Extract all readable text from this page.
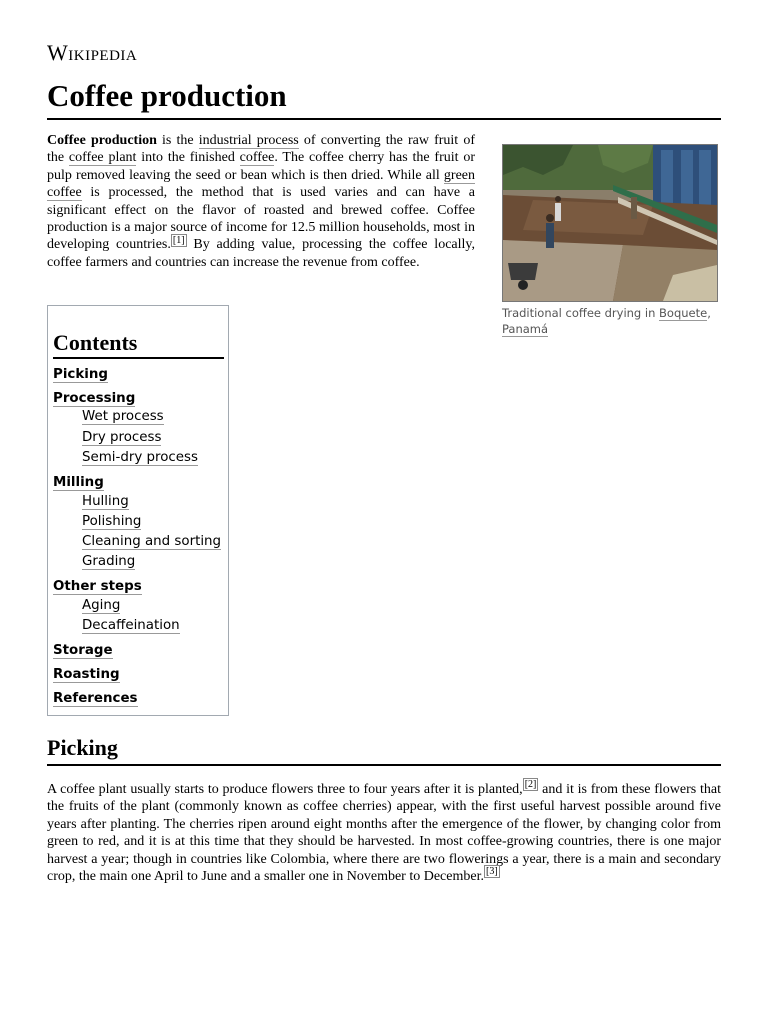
Wikipedia
Coffee production

Coffee production is the industrial process of converting the raw fruit of the coffee plant into the finished coffee. The coffee cherry has the fruit or pulp removed leaving the seed or bean which is then dried. While all green coffee is processed, the method that is used varies and can have a significant effect on the flavor of roasted and brewed coffee. Coffee production is a major source of income for 12.5 million households, most in developing countries. [1] By adding value, processing the coffee locally, coffee farmers and countries can increase the revenue from coffee.

Traditional coffee drying in Boquete, Panamá
Contents
Picking
Processing
Wet process
Dry process
Semi-dry process
Milling
Hulling
Polishing
Cleaning and sorting
Grading
Other steps
Aging
Decaffeination
Storage
Roasting
References
Picking

A coffee plant usually starts to produce flowers three to four years after it is planted, [2] and it is from these flowers that the fruits of the plant (commonly known as coffee cherries) appear, with the first useful harvest possible around five years after planting. The cherries ripen around eight months after the emergence of the flower, by changing color from green to red, and it is at this time that they should be harvested. In most coffee-growing countries, there is one major harvest a year; though in countries like Colombia, where there are two flowerings a year, there is a main and secondary crop, the main one April to June and a smaller one in November to December. [3]
